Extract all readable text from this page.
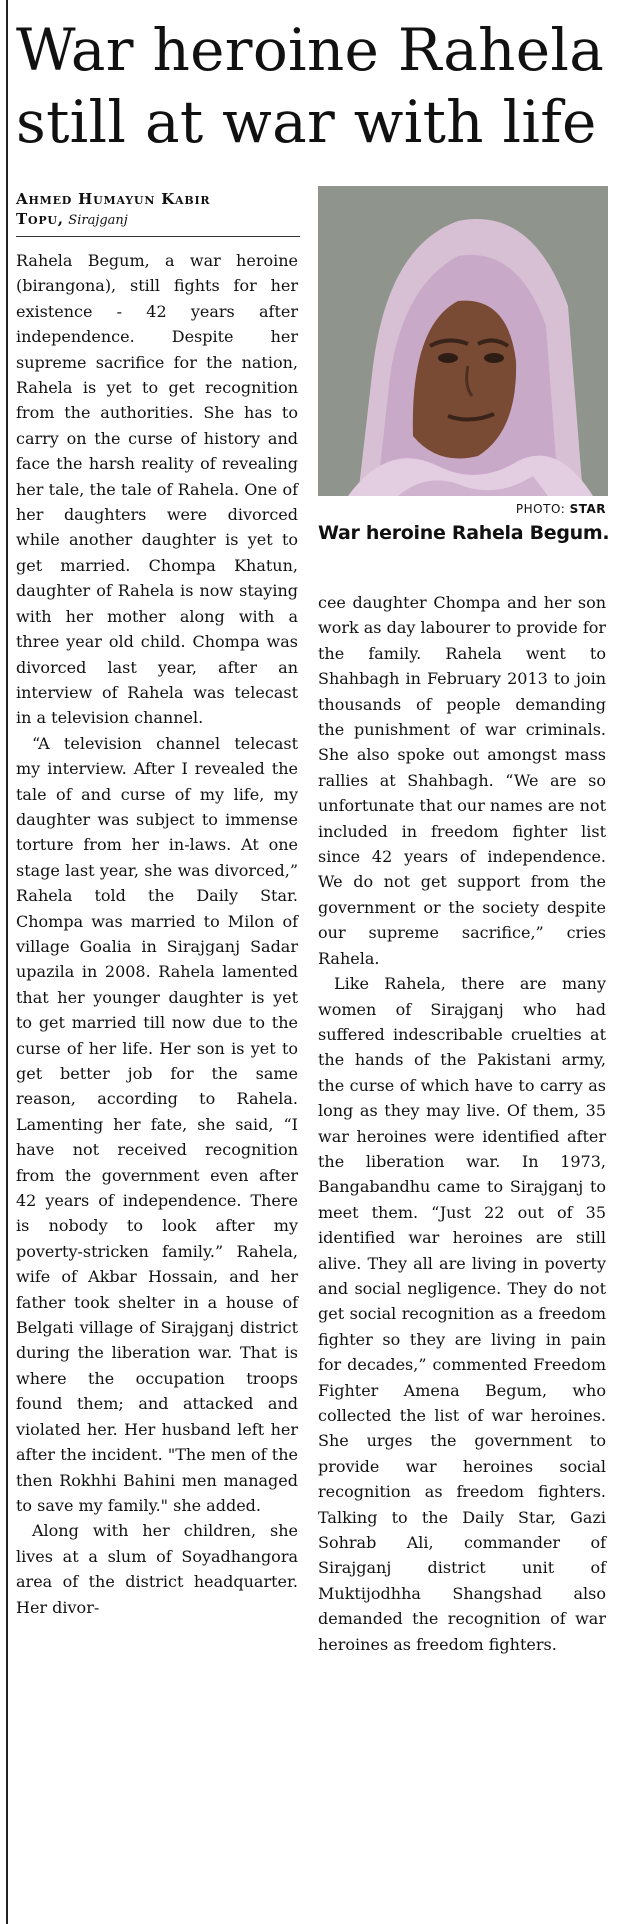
War heroine Rahela
still at war with life
Ahmed Humayun Kabir
Topu, Sirajganj
PHOTO: STAR
War heroine Rahela Begum.

Rahela Begum, a war heroine (birangona), still fights for her existence - 42 years after independence. Despite her supreme sacrifice for the nation, Rahela is yet to get recognition from the authorities. She has to carry on the curse of history and face the harsh reality of revealing her tale, the tale of Rahela. One of her daughters were divorced while another daughter is yet to get married. Chompa Khatun, daughter of Rahela is now staying with her mother along with a three year old child. Chompa was divorced last year, after an interview of Rahela was telecast in a television channel.

“A television channel telecast my interview. After I revealed the tale of and curse of my life, my daughter was subject to immense torture from her in-laws. At one stage last year, she was divorced,” Rahela told the Daily Star. Chompa was married to Milon of village Goalia in Sirajganj Sadar upazila in 2008. Rahela lamented that her younger daughter is yet to get married till now due to the curse of her life. Her son is yet to get better job for the same reason, according to Rahela. Lamenting her fate, she said, “I have not received recognition from the government even after 42 years of independence. There is nobody to look after my poverty-stricken family.” Rahela, wife of Akbar Hossain, and her father took shelter in a house of Belgati village of Sirajganj district during the liberation war. That is where the occupation troops found them; and attacked and violated her. Her husband left her after the incident. "The men of the then Rokhhi Bahini men managed to save my family." she added.

Along with her children, she lives at a slum of Soyadhangora area of the district headquarter. Her divor-

cee daughter Chompa and her son work as day labourer to provide for the family. Rahela went to Shahbagh in February 2013 to join thousands of people demanding the punishment of war criminals. She also spoke out amongst mass rallies at Shahbagh. “We are so unfortunate that our names are not included in freedom fighter list since 42 years of independence. We do not get support from the government or the society despite our supreme sacrifice,” cries Rahela.

Like Rahela, there are many women of Sirajganj who had suffered indescribable cruelties at the hands of the Pakistani army, the curse of which have to carry as long as they may live. Of them, 35 war heroines were identified after the liberation war. In 1973, Bangabandhu came to Sirajganj to meet them. “Just 22 out of 35 identified war heroines are still alive. They all are living in poverty and social negligence. They do not get social recognition as a freedom fighter so they are living in pain for decades,” commented Freedom Fighter Amena Begum, who collected the list of war heroines. She urges the government to provide war heroines social recognition as freedom fighters. Talking to the Daily Star, Gazi Sohrab Ali, commander of Sirajganj district unit of Muktijodhha Shangshad also demanded the recognition of war heroines as freedom fighters.
